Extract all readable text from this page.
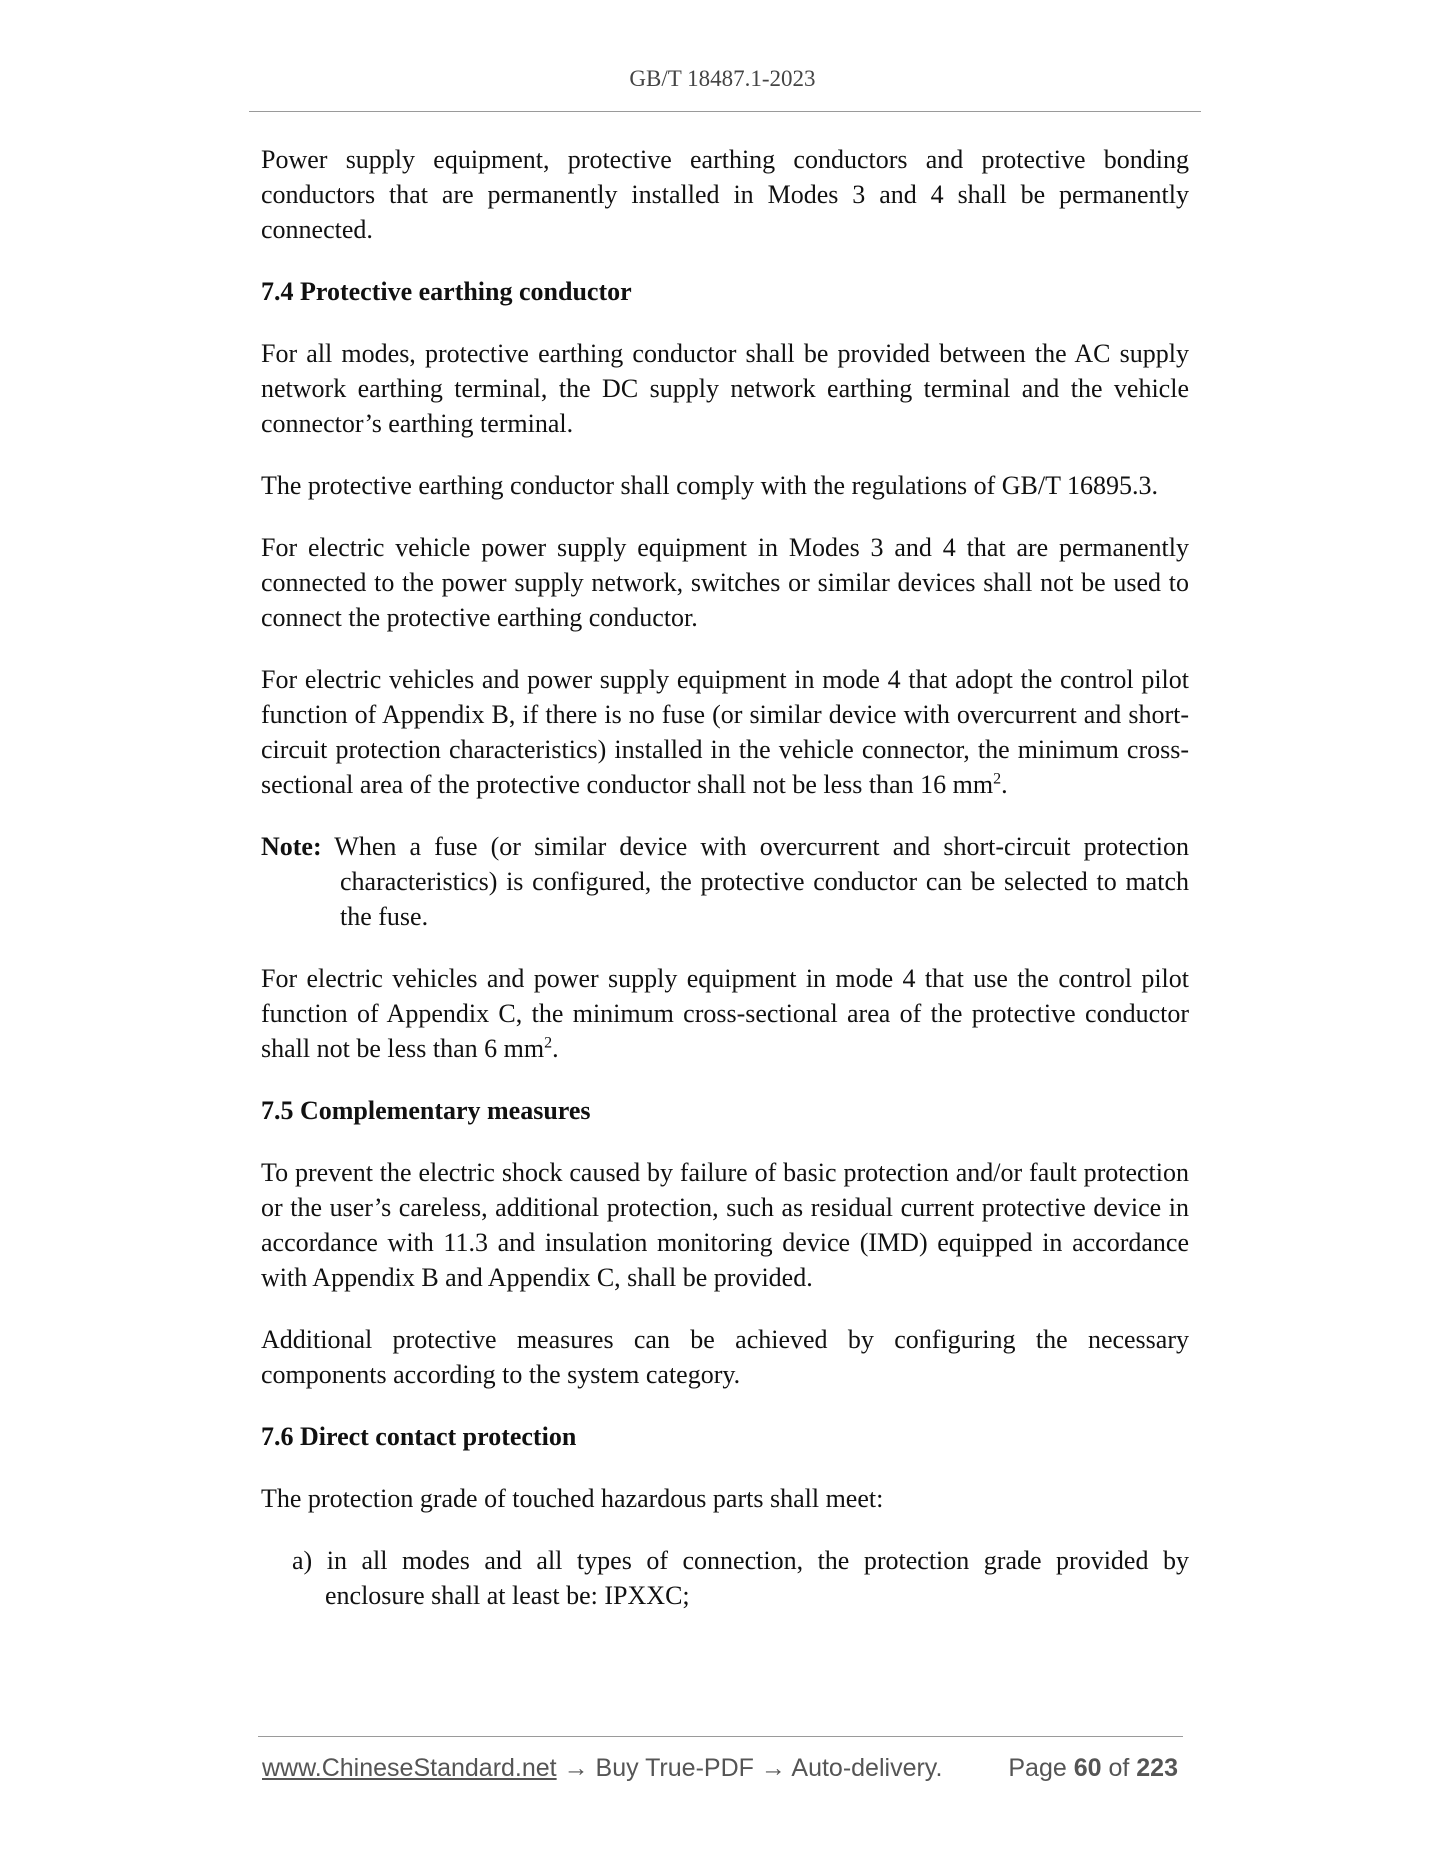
GB/T 18487.1-2023

Power supply equipment, protective earthing conductors and protective bonding conductors that are permanently installed in Modes 3 and 4 shall be permanently connected.

7.4 Protective earthing conductor

For all modes, protective earthing conductor shall be provided between the AC supply network earthing terminal, the DC supply network earthing terminal and the vehicle connector’s earthing terminal.

The protective earthing conductor shall comply with the regulations of GB/T 16895.3.

For electric vehicle power supply equipment in Modes 3 and 4 that are permanently connected to the power supply network, switches or similar devices shall not be used to connect the protective earthing conductor.

For electric vehicles and power supply equipment in mode 4 that adopt the control pilot function of Appendix B, if there is no fuse (or similar device with overcurrent and short-circuit protection characteristics) installed in the vehicle connector, the minimum cross-sectional area of the protective conductor shall not be less than 16 $mm^2$.

Note: When a fuse (or similar device with overcurrent and short-circuit protection characteristics) is configured, the protective conductor can be selected to match the fuse.

For electric vehicles and power supply equipment in mode 4 that use the control pilot function of Appendix C, the minimum cross-sectional area of the protective conductor shall not be less than 6 $mm^2$.

7.5 Complementary measures

To prevent the electric shock caused by failure of basic protection and/or fault protection or the user’s careless, additional protection, such as residual current protective device in accordance with 11.3 and insulation monitoring device (IMD) equipped in accordance with Appendix B and Appendix C, shall be provided.

Additional protective measures can be achieved by configuring the necessary components according to the system category.

7.6 Direct contact protection

The protection grade of touched hazardous parts shall meet:

a) in all modes and all types of connection, the protection grade provided by enclosure shall at least be: IPXXC;

www.ChineseStandard.net → Buy True-PDF → Auto-delivery.	Page 60 of 223
